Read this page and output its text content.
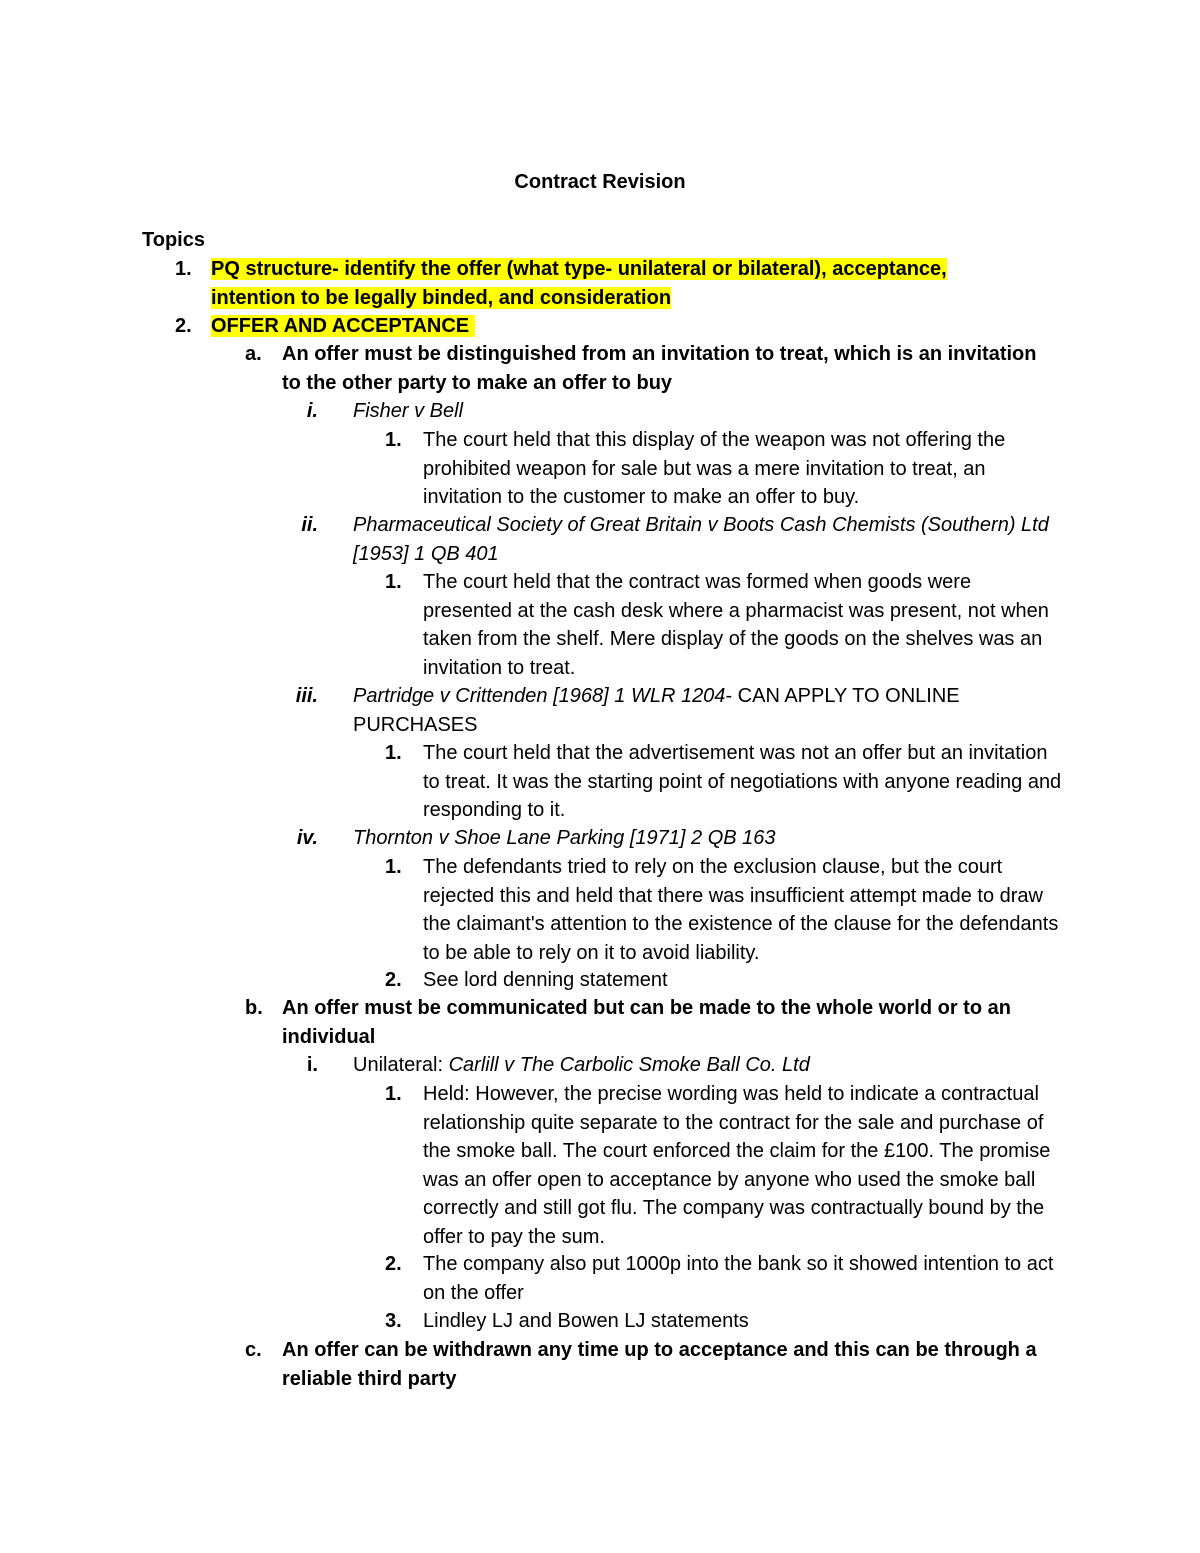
Contract Revision
Topics
1. PQ structure- identify the offer (what type- unilateral or bilateral), acceptance, intention to be legally binded, and consideration
2. OFFER AND ACCEPTANCE
a. An offer must be distinguished from an invitation to treat, which is an invitation to the other party to make an offer to buy
i. Fisher v Bell
1. The court held that this display of the weapon was not offering the prohibited weapon for sale but was a mere invitation to treat, an invitation to the customer to make an offer to buy.
ii. Pharmaceutical Society of Great Britain v Boots Cash Chemists (Southern) Ltd [1953] 1 QB 401
1. The court held that the contract was formed when goods were presented at the cash desk where a pharmacist was present, not when taken from the shelf. Mere display of the goods on the shelves was an invitation to treat.
iii. Partridge v Crittenden [1968] 1 WLR 1204- CAN APPLY TO ONLINE PURCHASES
1. The court held that the advertisement was not an offer but an invitation to treat. It was the starting point of negotiations with anyone reading and responding to it.
iv. Thornton v Shoe Lane Parking [1971] 2 QB 163
1. The defendants tried to rely on the exclusion clause, but the court rejected this and held that there was insufficient attempt made to draw the claimant's attention to the existence of the clause for the defendants to be able to rely on it to avoid liability.
2. See lord denning statement
b. An offer must be communicated but can be made to the whole world or to an individual
i. Unilateral: Carlill v The Carbolic Smoke Ball Co. Ltd
1. Held: However, the precise wording was held to indicate a contractual relationship quite separate to the contract for the sale and purchase of the smoke ball. The court enforced the claim for the £100. The promise was an offer open to acceptance by anyone who used the smoke ball correctly and still got flu. The company was contractually bound by the offer to pay the sum.
2. The company also put 1000p into the bank so it showed intention to act on the offer
3. Lindley LJ and Bowen LJ statements
c. An offer can be withdrawn any time up to acceptance and this can be through a reliable third party
